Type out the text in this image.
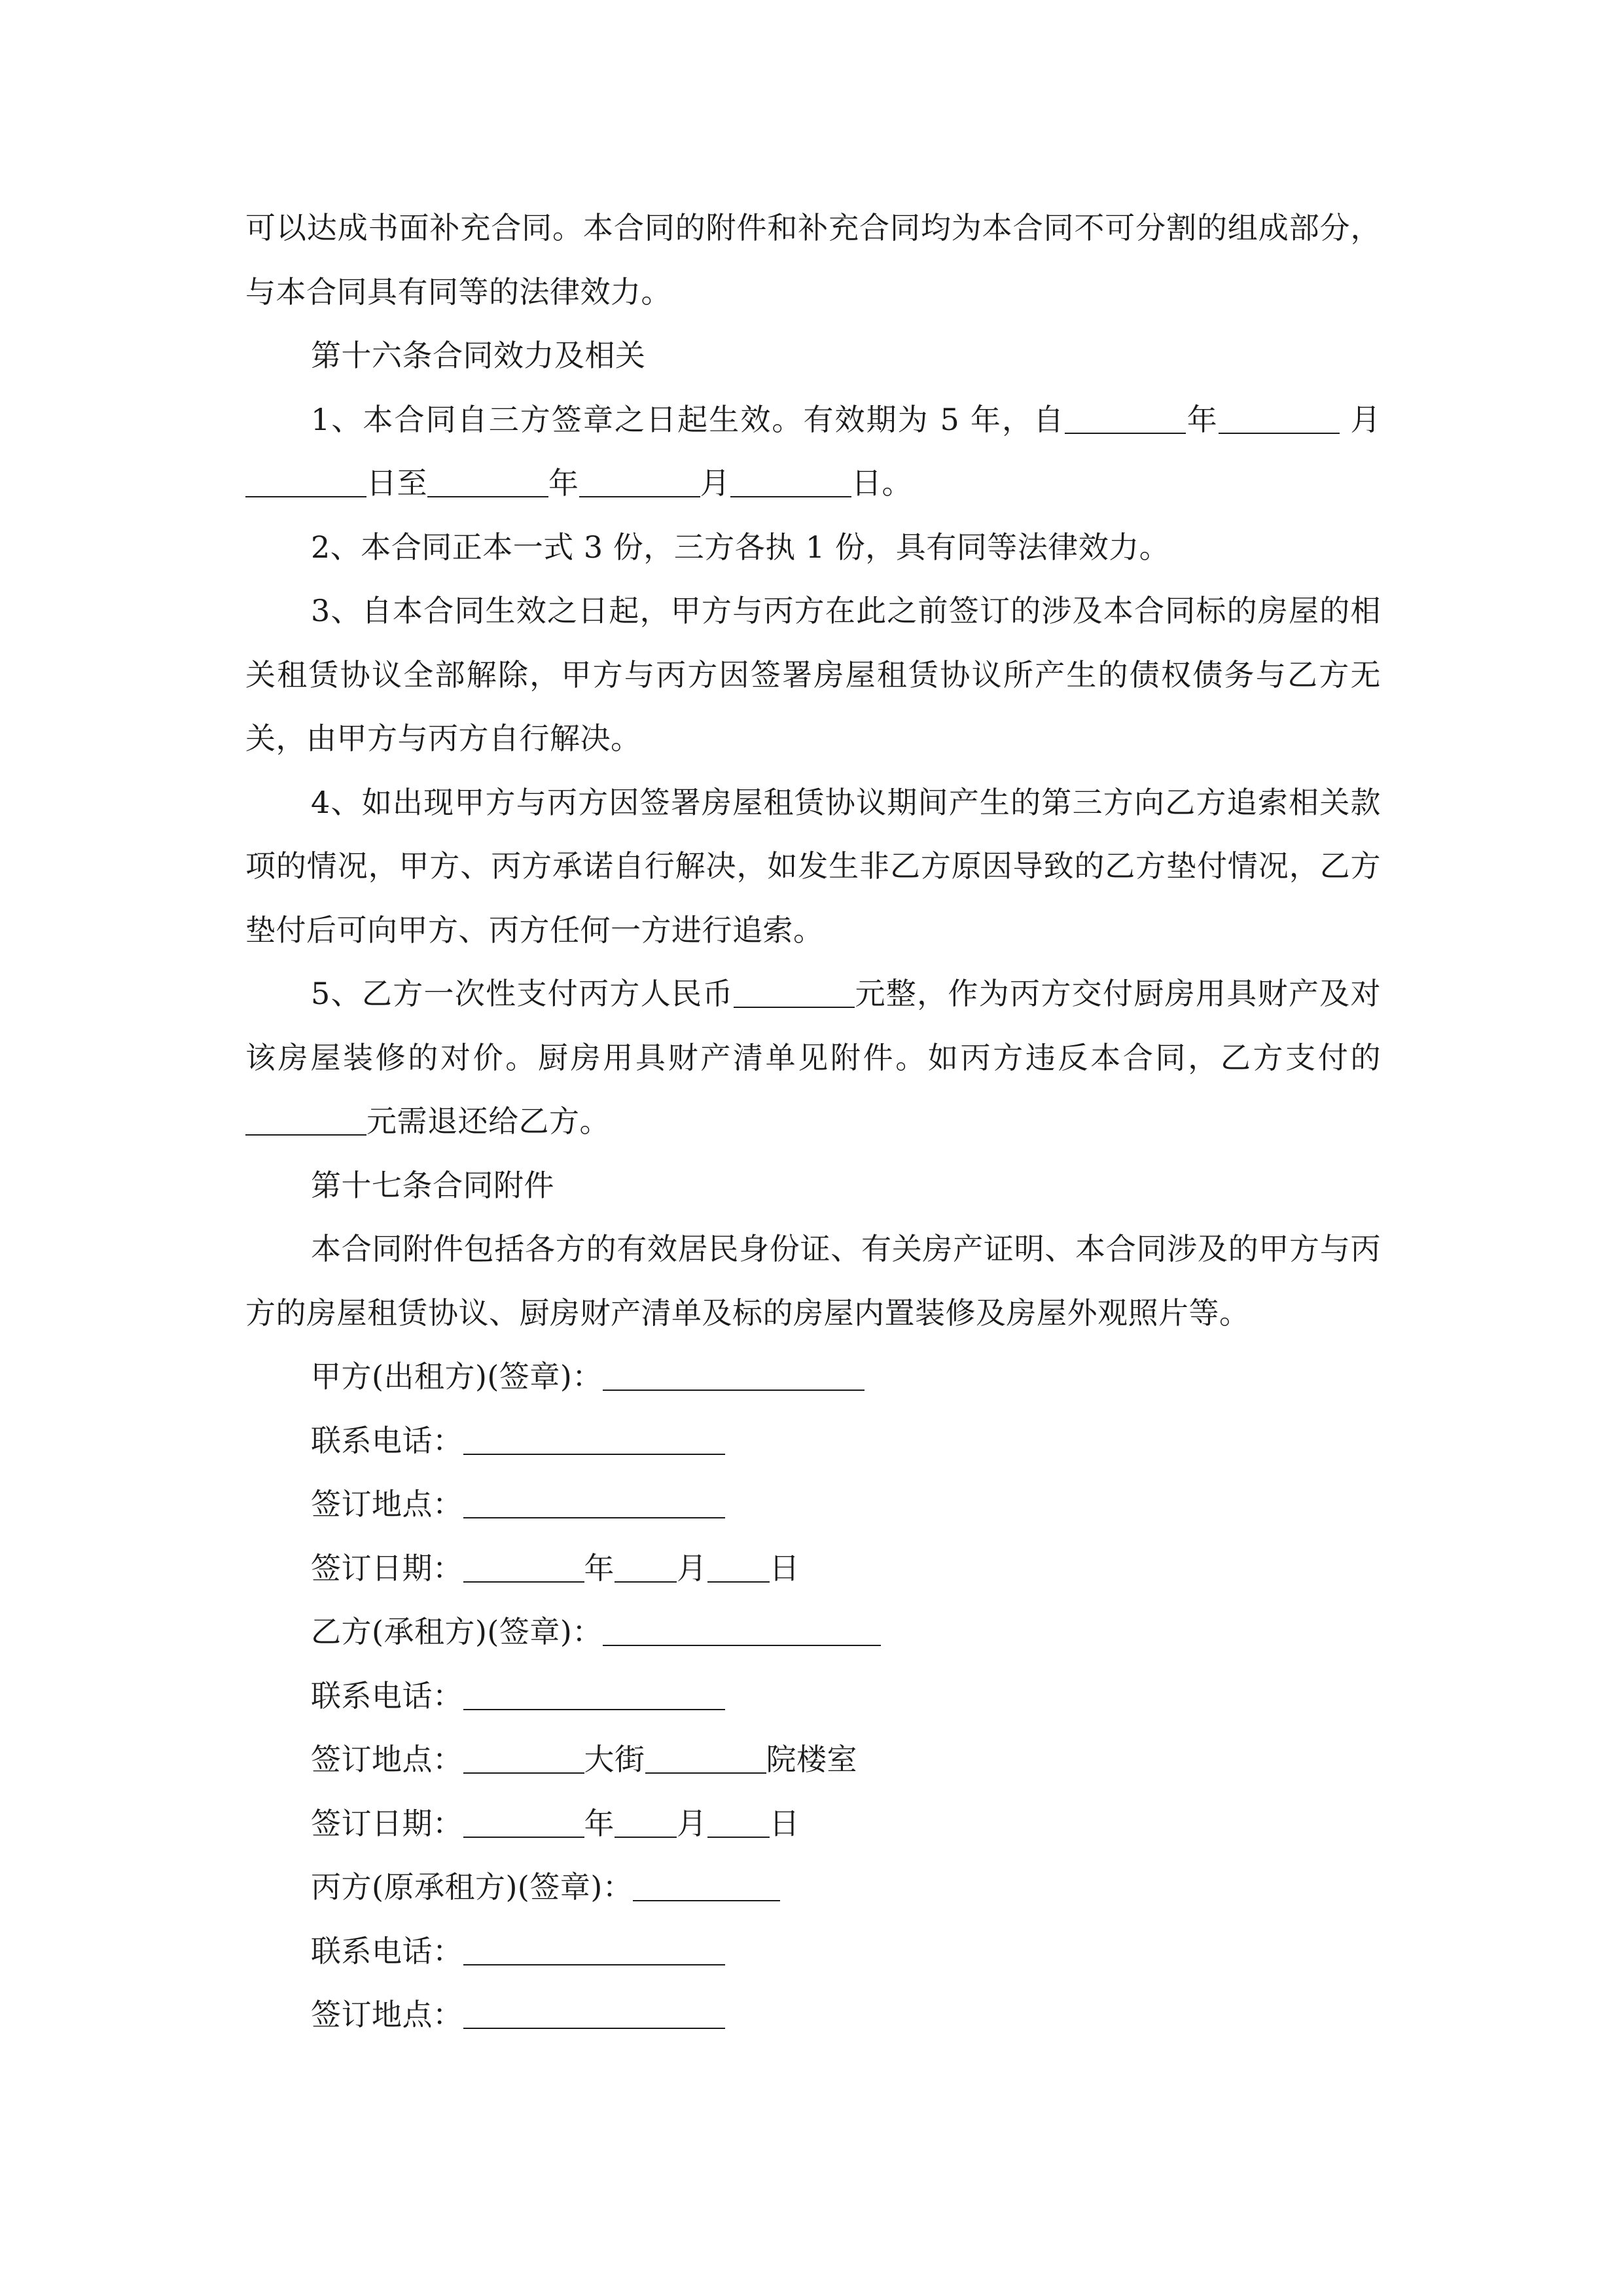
可以达成书面补充合同。本合同的附件和补充合同均为本合同不可分割的组成部分，与本合同具有同等的法律效力。

第十六条合同效力及相关

1、本合同自三方签章之日起生效。有效期为 5 年，自	年	月日至	年	月	日。

2、本合同正本一式 3 份，三方各执 1 份，具有同等法律效力。

3、自本合同生效之日起，甲方与丙方在此之前签订的涉及本合同标的房屋的相关租赁协议全部解除，甲方与丙方因签署房屋租赁协议所产生的债权债务与乙方无关，由甲方与丙方自行解决。

4、如出现甲方与丙方因签署房屋租赁协议期间产生的第三方向乙方追索相关款项的情况，甲方、丙方承诺自行解决，如发生非乙方原因导致的乙方垫付情况，乙方垫付后可向甲方、丙方任何一方进行追索。

5、乙方一次性支付丙方人民币	元整，作为丙方交付厨房用具财产及对该房屋装修的对价。厨房用具财产清单见附件。如丙方违反本合同，乙方支付的元需退还给乙方。

第十七条合同附件

本合同附件包括各方的有效居民身份证、有关房产证明、本合同涉及的甲方与丙方的房屋租赁协议、厨房财产清单及标的房屋内置装修及房屋外观照片等。

甲方(出租方)(签章)：
联系电话：
签订地点：
签订日期：	年 月 日
乙方(承租方)(签章)：
联系电话：
签订地点：	大街	院楼室
签订日期：	年 月 日
丙方(原承租方)(签章)：
联系电话：
签订地点：
